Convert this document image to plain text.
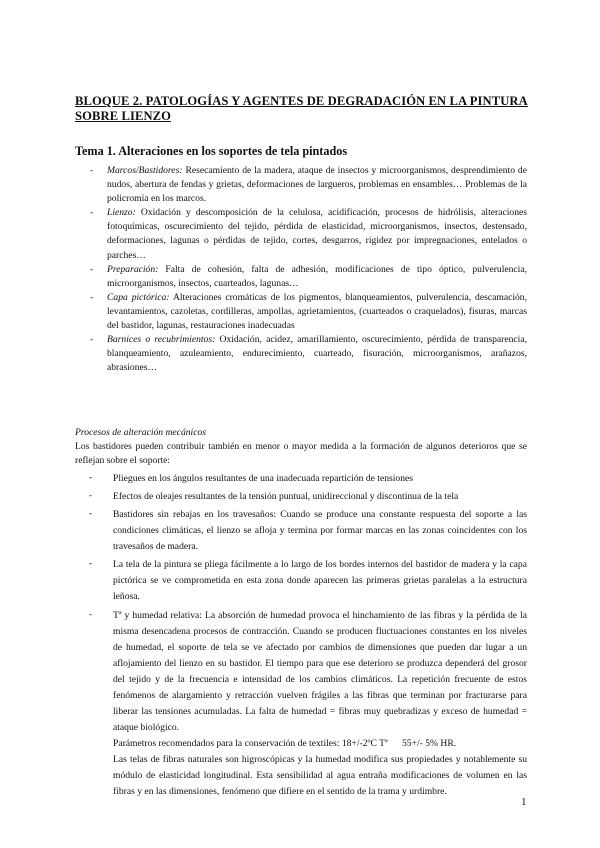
BLOQUE 2. PATOLOGÍAS Y AGENTES DE DEGRADACIÓN EN LA PINTURA SOBRE LIENZO
Tema 1. Alteraciones en los soportes de tela pintados
-	Marcos/Bastidores: Resecamiento de la madera, ataque de insectos y microorganismos, desprendimiento de nudos, abertura de fendas y grietas, deformaciones de largueros, problemas en ensambles… Problemas de la policromía en los marcos.
-	Lienzo: Oxidación y descomposición de la celulosa, acidificación, procesos de hidrólisis, alteraciones fotoquímicas, oscurecimiento del tejido, pérdida de elasticidad, microorganismos, insectos, destensado, deformaciones, lagunas o pérdidas de tejido, cortes, desgarros, rigidez por impregnaciones, entelados o parches…
-	Preparación: Falta de cohesión, falta de adhesión, modificaciones de tipo óptico, pulverulencia, microorganismos, insectos, cuarteados, lagunas…
-	Capa pictórica: Alteraciones cromáticas de los pigmentos, blanqueamientos, pulverulencia, descamación, levantamientos, cazoletas, cordilleras, ampollas, agrietamientos, (cuarteados o craquelados), fisuras, marcas del bastidor, lagunas, restauraciones inadecuadas
-	Barnices o recubrimientos: Oxidación, acidez, amarillamiento, oscurecimiento, pérdida de transparencia, blanqueamiento, azuleamiento, endurecimiento, cuarteado, fisuración, microorganismos, arañazos, abrasiones…
Procesos de alteración mecánicos
Los bastidores pueden contribuir también en menor o mayor medida a la formación de algunos deterioros que se reflejan sobre el soporte:
-	Pliegues en los ángulos resultantes de una inadecuada repartición de tensiones
-	Efectos de oleajes resultantes de la tensión puntual, unidireccional y discontinua de la tela
-	Bastidores sin rebajas en los travesaños: Cuando se produce una constante respuesta del soporte a las condiciones climáticas, el lienzo se afloja y termina por formar marcas en las zonas coincidentes con los travesaños de madera.
-	La tela de la pintura se pliega fácilmente a lo largo de los bordes internos del bastidor de madera y la capa pictórica se ve comprometida en esta zona donde aparecen las primeras grietas paralelas a la estructura leñosa.
-	Tª y humedad relativa: La absorción de humedad provoca el hinchamiento de las fibras y la pérdida de la misma desencadena procesos de contracción. Cuando se producen fluctuaciones constantes en los niveles de humedad, el soporte de tela se ve afectado por cambios de dimensiones que pueden dar lugar a un aflojamiento del lienzo en su bastidor. El tiempo para que ese deterioro se produzca dependerá del grosor del tejido y de la frecuencia e intensidad de los cambios climáticos. La repetición frecuente de estos fenómenos de alargamiento y retracción vuelven frágiles a las fibras que terminan por fracturarse para liberar las tensiones acumuladas. La falta de humedad = fibras muy quebradizas y exceso de humedad = ataque biológico.
Parámetros recomendados para la conservación de textiles: 18+/-2ºC Tª      55+/- 5% HR.
Las telas de fibras naturales son higroscópicas y la humedad modifica sus propiedades y notablemente su módulo de elasticidad longitudinal. Esta sensibilidad al agua entraña modificaciones de volumen en las fibras y en las dimensiones, fenómeno que difiere en el sentido de la trama y urdimbre.
1
